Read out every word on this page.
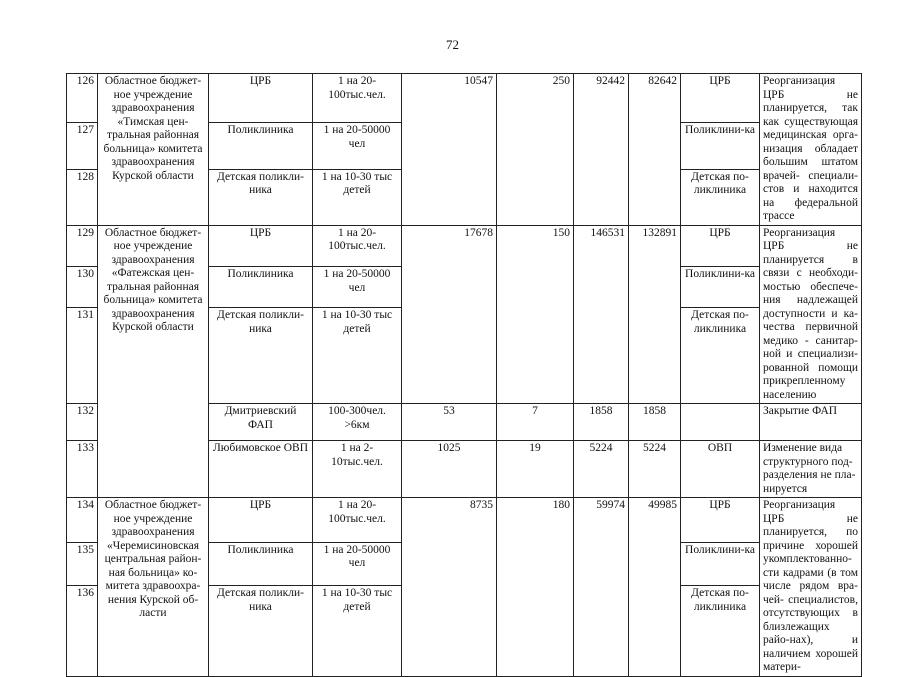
72
126	Областное бюджет-ное учреждение здравоохранения «Тимская цен-тральная районная больница» комитета здравоохранения Курской области	ЦРБ	1 на 20-100тыс.чел.	10547	250	92442	82642	ЦРБ	Реорганизация ЦРБ не планируется, так как существующая медицинская орга-низация обладает большим штатом врачей- специали-стов и находится на федеральной трассе

127		Поликлиника	1 на 20-50000 чел					Поликлини-ка	
128		Детская поликли-ника	1 на 10-30 тыс детей					Детская по-ликлиника	
129	Областное бюджет-ное учреждение здравоохранения «Фатежская цен-тральная районная больница» комитета здравоохранения Курской области	ЦРБ	1 на 20-100тыс.чел.	17678	150	146531	132891	ЦРБ	Реорганизация ЦРБ не планируется в связи с необходи-мостью обеспече-ния надлежащей доступности и ка-чества первичной медико - санитар-ной и специализи-рованной помощи прикрепленному населению

130		Поликлиника	1 на 20-50000 чел					Поликлини-ка	
131		Детская поликли-ника	1 на 10-30 тыс детей					Детская по-ликлиника	
132		Дмитриевский ФАП	100-300чел. >6км	53	7	1858	1858		Закрытие ФАП
133		Любимовское ОВП	1 на 2-10тыс.чел.	1025	19	5224	5224	ОВП	Изменение вида структурного под-разделения не пла-нируется
134	Областное бюджет-ное учреждение здравоохранения «Черемисиновская центральная район-ная больница» ко-митета здравоохра-нения Курской об-ласти	ЦРБ	1 на 20-100тыс.чел.	8735	180	59974	49985	ЦРБ	Реорганизация ЦРБ не планируется, по причине хорошей укомплектованно-сти кадрами (в том числе рядом вра-чей- специалистов, отсутствующих в близлежащих райо-нах), и наличием хорошей матери-

135		Поликлиника	1 на 20-50000 чел					Поликлини-ка	
136		Детская поликли-ника	1 на 10-30 тыс детей					Детская по-ликлиника	
